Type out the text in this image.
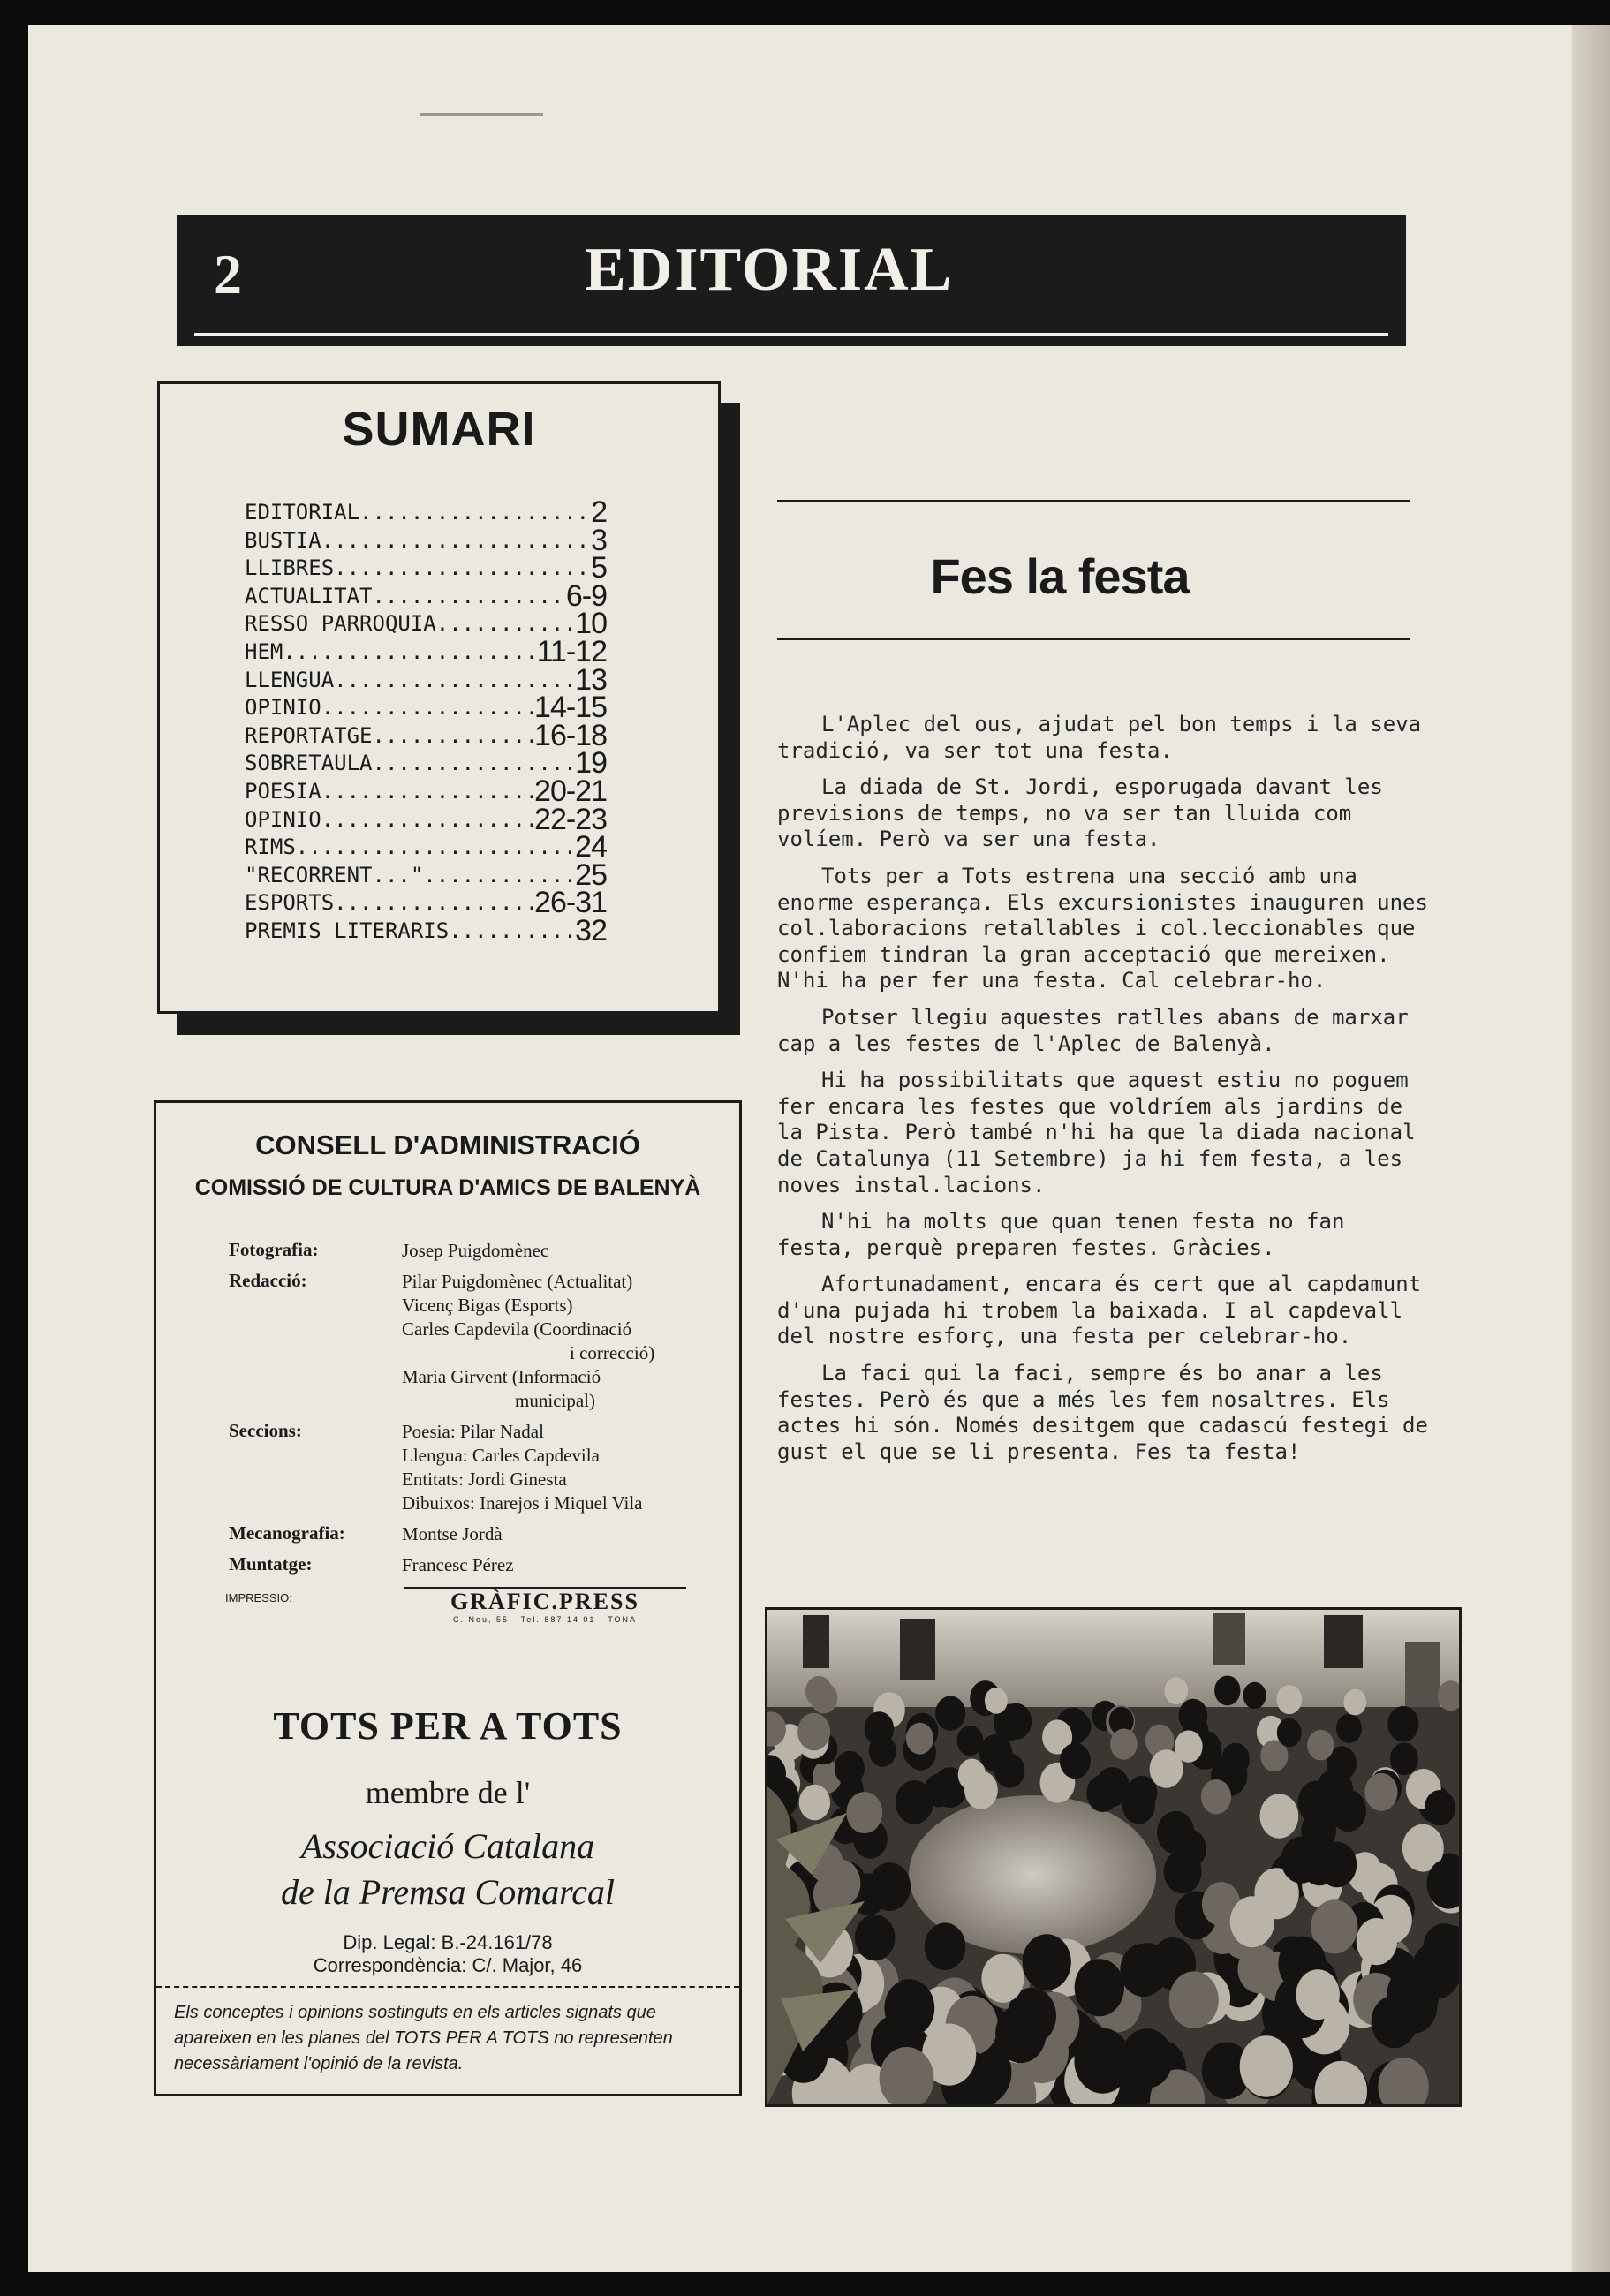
2	EDITORIAL
SUMARI
EDITORIAL .....	2
BUSTIA .....	3
LLIBRES .....	5
ACTUALITAT .....	6-9
RESSO PARROQUIA .....	10
HEM .....	11-12
LLENGUA .....	13
OPINIO .....	14-15
REPORTATGE .....	16-18
SOBRETAULA .....	19
POESIA .....	20-21
OPINIO .....	22-23
RIMS .....	24
"RECORRENT..." .....	25
ESPORTS .....	26-31
PREMIS LITERARIS .....	32
CONSELL D'ADMINISTRACIÓ
COMISSIÓ DE CULTURA D'AMICS DE BALENYÀ
Fotografia:	Josep Puigdomènec
Redacció:	Pilar Puigdomènec (Actualitat)
Vicenç Bigas (Esports)
Carles Capdevila (Coordinació
i correcció)
Maria Girvent (Informació
municipal)
Seccions:	Poesia: Pilar Nadal
Llengua: Carles Capdevila
Entitats: Jordi Ginesta
Dibuixos: Inarejos i Miquel Vila
Mecanografia:	Montse Jordà
Muntatge:	Francesc Pérez
IMPRESSIO:	GRÀFIC.PRESS
C. Nou, 55 - Tel. 887 14 01 - TONA
TOTS PER A TOTS
membre de l'
Associació Catalana
de la Premsa Comarcal
Dip. Legal: B.-24.161/78
Correspondència: C/. Major, 46
Els conceptes i opinions sostinguts en els articles signats que apareixen en les planes del TOTS PER A TOTS no representen necessàriament l'opinió de la revista.
Fes la festa

L'Aplec del ous, ajudat pel bon temps i la seva tradició, va ser tot una festa.

La diada de St. Jordi, esporugada davant les previsions de temps, no va ser tan lluida com volíem. Però va ser una festa.

Tots per a Tots estrena una secció amb una enorme esperança. Els excursionistes inauguren unes col.laboracions retallables i col.leccionables que confiem tindran la gran acceptació que mereixen. N'hi ha per fer una festa. Cal celebrar-ho.

Potser llegiu aquestes ratlles abans de marxar cap a les festes de l'Aplec de Balenyà.

Hi ha possibilitats que aquest estiu no poguem fer encara les festes que voldríem als jardins de la Pista. Però també n'hi ha que la diada nacional de Catalunya (11 Setembre) ja hi fem festa, a les noves instal.lacions.

N'hi ha molts que quan tenen festa no fan festa, perquè preparen festes. Gràcies.

Afortunadament, encara és cert que al capdamunt d'una pujada hi trobem la baixada. I al capdevall del nostre esforç, una festa per celebrar-ho.

La faci qui la faci, sempre és bo anar a les festes. Però és que a més les fem nosaltres. Els actes hi són. Només desitgem que cadascú festegi de gust el que se li presenta. Fes ta festa!
